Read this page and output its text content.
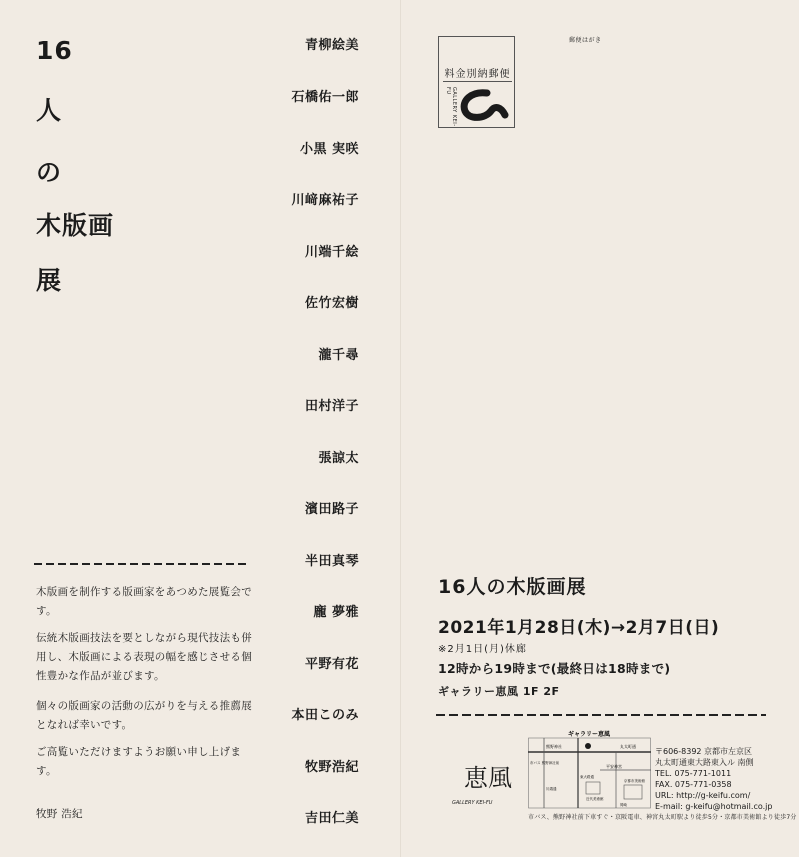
16
人
の
木版画
展
青柳絵美
石橋佑一郎
小黒 実咲
川﨑麻祐子
川端千絵
佐竹宏樹
瀧千尋
田村洋子
張諒太
濱田路子
半田真琴
龐 夢雅
平野有花
本田このみ
牧野浩紀
吉田仁美

木版画を制作する版画家をあつめた展覧会です。

伝統木版画技法を要としながら現代技法も併用し、木版画による表現の幅を感じさせる個性豊かな作品が並びます。

個々の版画家の活動の広がりを与える推薦展となれば幸いです。

ご高覧いただけますようお願い申し上げます。

牧野 浩紀

料金別納郵便
GALLERY KEI-FU
郵便はがき
16人の木版画展
2021年1月28日(木)→2月7日(日)
※2月1日(月)休廊
12時から19時まで(最終日は18時まで)
ギャラリー恵風 1F 2F
ギャラリー恵風
熊野神社	丸太町通
市バス 熊野神社前
平安神宮
東大路通
京都市美術館
近代美術館
岡崎
川端通
〒606-8392 京都市左京区
丸太町通東大路東入ル 南側
TEL. 075-771-1011
FAX. 075-771-0358
URL: http://g-keifu.com/
E-mail: g-keifu@hotmail.co.jp
恵風
GALLERY KEI-FU
市バス、熊野神社前下車すぐ・京阪電車、神宮丸太町駅より徒歩5分・京都市美術館より徒歩7分
